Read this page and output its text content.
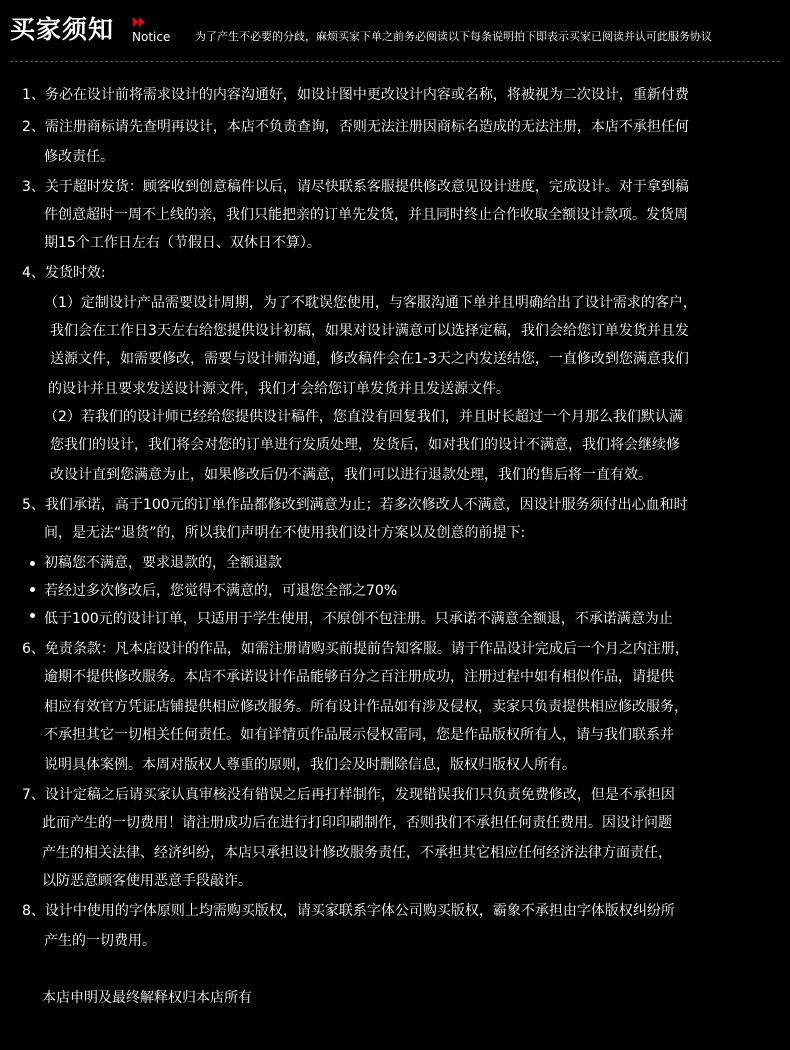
买家须知 Notice 为了产生不必要的分歧，麻烦买家下单之前务必阅读以下每条说明拍下即表示买家已阅读并认可此服务协议
1、务必在设计前将需求设计的内容沟通好，如设计图中更改设计内容或名称，将被视为二次设计，重新付费
2、需注册商标请先查明再设计，本店不负责查询，否则无法注册因商标名造成的无法注册，本店不承担任何
修改责任。
3、关于超时发货：顾客收到创意稿件以后，请尽快联系客服提供修改意见设计进度，完成设计。对于拿到稿
件创意超时一周不上线的亲，我们只能把亲的订单先发货，并且同时终止合作收取全额设计款项。发货周
期15个工作日左右（节假日、双休日不算）。
4、发货时效:
（1）定制设计产品需要设计周期，为了不耽误您使用，与客服沟通下单并且明确给出了设计需求的客户，
我们会在工作日3天左右给您提供设计初稿，如果对设计满意可以选择定稿，我们会给您订单发货并且发
送源文件，如需要修改，需要与设计师沟通，修改稿件会在1-3天之内发送结您，一直修改到您满意我们
的设计并且要求发送设计源文件，我们才会给您订单发货并且发送源文件。
（2）若我们的设计师已经给您提供设计稿件，您直没有回复我们，并且时长超过一个月那么我们默认满
您我们的设计，我们将会对您的订单进行发质处理，发货后，如对我们的设计不满意，我们将会继续修
改设计直到您满意为止，如果修改后仍不满意，我们可以进行退款处理，我们的售后将一直有效。
5、我们承诺，高于100元的订单作品都修改到满意为止；若多次修改人不满意，因设计服务须付出心血和时
间，是无法“退货”的，所以我们声明在不使用我们设计方案以及创意的前提下:
初稿您不满意，要求退款的，全额退款
若经过多次修改后，您觉得不满意的，可退您全部之70%
低于100元的设计订单，只适用于学生使用，不原创不包注册。只承诺不满意全额退，不承诺满意为止
6、免责条款：凡本店设计的作品，如需注册请购买前提前告知客服。请于作品设计完成后一个月之内注册，
逾期不提供修改服务。本店不承诺设计作品能够百分之百注册成功，注册过程中如有相似作品，请提供
相应有效官方凭证店铺提供相应修改服务。所有设计作品如有涉及侵权，卖家只负责提供相应修改服务，
不承担其它一切相关任何责任。如有详情页作品展示侵权雷同，您是作品版权所有人，请与我们联系并
说明具体案例。本周对版权人尊重的原则，我们会及时删除信息，版权归版权人所有。
7、设计定稿之后请买家认真审核没有错误之后再打样制作，发现错误我们只负责免费修改，但是不承担因
此而产生的一切费用！请注册成功后在进行打印印刷制作，否则我们不承担任何责任费用。因设计问题
产生的相关法律、经济纠纷，本店只承担设计修改服务责任，不承担其它相应任何经济法律方面责任，
以防恶意顾客使用恶意手段敲诈。
8、设计中使用的字体原则上均需购买版权，请买家联系字体公司购买版权，霸象不承担由字体版权纠纷所
产生的一切费用。
本店申明及最终解释权归本店所有
